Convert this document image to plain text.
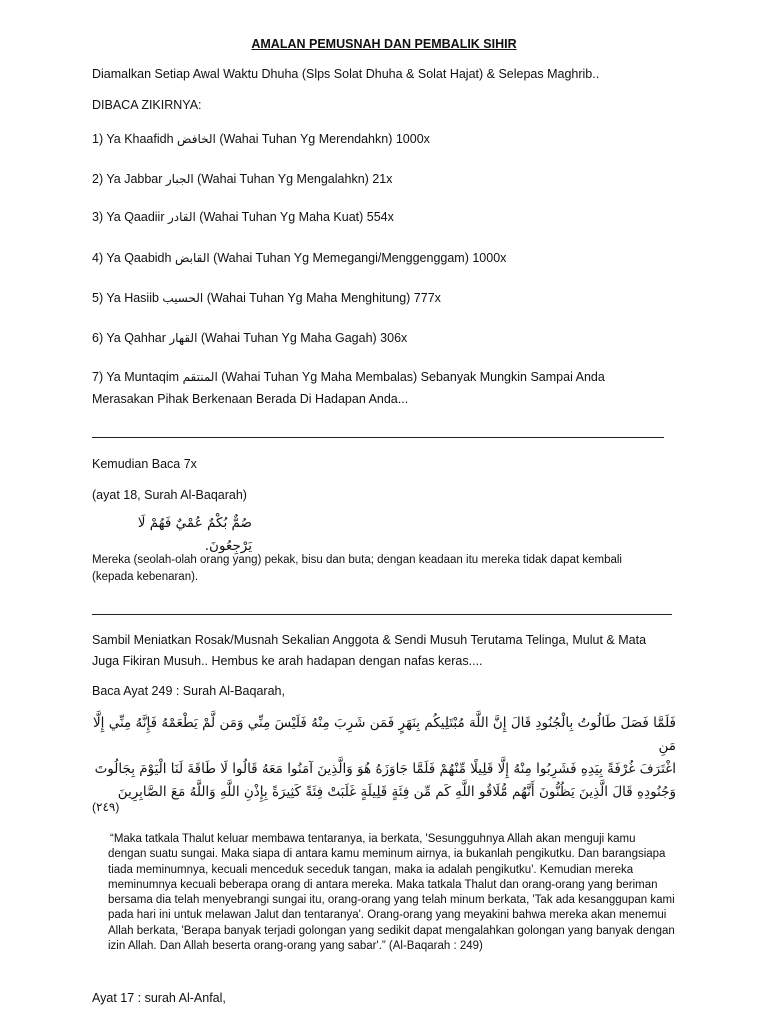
AMALAN PEMUSNAH DAN PEMBALIK SIHIR
Diamalkan Setiap Awal Waktu Dhuha (Slps Solat Dhuha & Solat Hajat) & Selepas Maghrib..
DIBACA ZIKIRNYA:
1) Ya Khaafidh الخافض (Wahai Tuhan Yg Merendahkn) 1000x
2) Ya Jabbar الجبار (Wahai Tuhan Yg Mengalahkn) 21x
3) Ya Qaadiir القادر (Wahai Tuhan Yg Maha Kuat) 554x
4) Ya Qaabidh القابض (Wahai Tuhan Yg Memegangi/Menggenggam) 1000x
5) Ya Hasiib الحسيب (Wahai Tuhan Yg Maha Menghitung) 777x
6) Ya Qahhar القهار (Wahai Tuhan Yg Maha Gagah) 306x
7) Ya Muntaqim المنتقم (Wahai Tuhan Yg Maha Membalas) Sebanyak Mungkin Sampai Anda
Merasakan Pihak Berkenaan Berada Di Hadapan Anda...
Kemudian Baca 7x
(ayat 18, Surah Al-Baqarah)
صُمٌّ بُكْمٌ عُمْيٌ فَهُمْ لَا يَرْجِعُونَ.
Mereka (seolah-olah orang yang) pekak, bisu dan buta; dengan keadaan itu mereka tidak dapat kembali
(kepada kebenaran).
Sambil Meniatkan Rosak/Musnah Sekalian Anggota & Sendi Musuh Terutama Telinga, Mulut & Mata
Juga Fikiran Musuh.. Hembus ke arah hadapan dengan nafas keras....
Baca Ayat 249 : Surah Al-Baqarah,
فَلَمَّا فَصَلَ طَالُوتُ بِالْجُنُودِ قَالَ إِنَّ اللَّهَ مُبْتَلِيكُم بِنَهَرٍ فَمَن شَرِبَ مِنْهُ فَلَيْسَ مِنِّي وَمَن لَّمْ يَطْعَمْهُ فَإِنَّهُ مِنِّي إِلَّا مَنِ
اغْتَرَفَ غُرْفَةً بِيَدِهِ فَشَرِبُوا مِنْهُ إِلَّا قَلِيلًا مِّنْهُمْ فَلَمَّا جَاوَزَهُ هُوَ وَالَّذِينَ آمَنُوا مَعَهُ قَالُوا لَا طَاقَةَ لَنَا الْيَوْمَ بِجَالُوتَ
وَجُنُودِهِ قَالَ الَّذِينَ يَظُنُّونَ أَنَّهُم مُّلَاقُو اللَّهِ كَم مِّن فِئَةٍ قَلِيلَةٍ غَلَبَتْ فِئَةً كَثِيرَةً بِإِذْنِ اللَّهِ وَاللَّهُ مَعَ الصَّابِرِينَ
(٢٤٩)
“Maka tatkala Thalut keluar membawa tentaranya, ia berkata, 'Sesungguhnya Allah akan menguji kamu
dengan suatu sungai. Maka siapa di antara kamu meminum airnya, ia bukanlah pengikutku. Dan barangsiapa
tiada meminumnya, kecuali menceduk seceduk tangan, maka ia adalah pengikutku'. Kemudian mereka
meminumnya kecuali beberapa orang di antara mereka. Maka tatkala Thalut dan orang-orang yang beriman
bersama dia telah menyebrangi sungai itu, orang-orang yang telah minum berkata, 'Tak ada kesanggupan kami
pada hari ini untuk melawan Jalut dan tentaranya'. Orang-orang yang meyakini bahwa mereka akan menemui
Allah berkata, 'Berapa banyak terjadi golongan yang sedikit dapat mengalahkan golongan yang banyak dengan
izin Allah. Dan Allah beserta orang-orang yang sabar'.” (Al-Baqarah : 249)
Ayat 17 : surah Al-Anfal,
